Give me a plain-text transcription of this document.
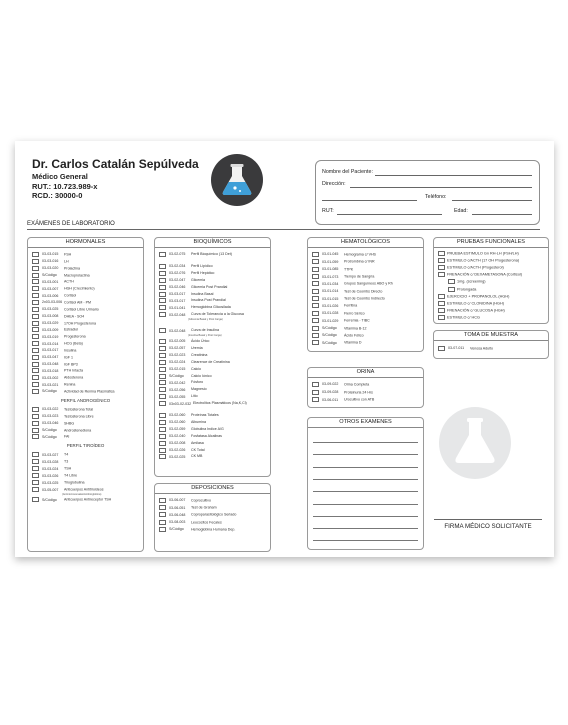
Dr. Carlos Catalán Sepúlveda
Médico General
RUT.: 10.723.989-x
RCD.: 30000-0
Nombre del Paciente:
Dirección:
Teléfono:
RUT:	Edad:
EXÁMENES DE LABORATORIO
HORMONALES
03-03-015 FSH
03-03-016 LH
03-03-020 Prolactina
S/Código Macroprolactina
03-03-001 ACTH
03-03-007 HGH (Crecimiento)
03-03-006 Cortisol
2x03-03-006 Cortisol AM - PM
03-03-025 Cortisol Libre Urinario
03-03-008 DHEA - SO4
03-03-029 17OH Progesterona
03-03-009 Estradiol
03-03-019 Progesterona
03-03-014 HCG (Beta)
03-03-017 Insulina
03-03-047 IGF 1
03-03-048 IGF BP3
03-03-018 PTH Intacta
03-03-002 Aldosterona
03-03-021 Renina
S/Código Actividad de Renina Plasmática
PERFIL ANDROGÉNICO
03-03-022 Testosterona Total
03-03-023 Testosterona Libre
03-03-046 SHBG
S/Código Androstenediona
S/Código FAI
PERFIL TIROÍDEO
03-03-027 T4
03-03-028 T3
03-03-024 TSH
03-03-026 T4 Libre
03-03-025 Tiroglobulina
03-05-007 Anticuerpos Antitiroideos
(Antimicrosomales/Antitiroglobina)
S/Código Anticuerpos Antireceptor TSH
BIOQUÍMICOS
03-02-075 Perfil Bioquímico (13 Det)
03-02-034 Perfil Lipídico
03-02-076 Perfil Hepático
03-02-047 Glicemia
03-02-046 Glicemia Post Prandial
03-03-017 Insulina Basal
03-03-017 Insulina Post Prandial
03-01-041 Hemoglobina Glicosilada
03-02-048 Curva de Tolerancia a la Glucosa
(Glicemia Basal y Post Carga)
03-02-048 Curva de Insulina
(Insulina Basal y Post Carga)
03-02-005 Ácido Úrico
03-02-057 Uremia
03-02-023 Creatinina
03-02-024 Clearence de Creatinina
03-02-015 Calcio
S/Código Calcio Iónico
03-02-042 Fósforo
03-02-056 Magnesio
03-02-055 Litio
03x03-02-032 Electrolitos Plasmáticos (Na,K,Cl)
03-02-060 Proteínas Totales
03-02-060 Albumina
03-02-059 Globulina Indice A/G
03-02-040 Fosfatasa Alcalinas
03-02-008 Amilasa
03-02-026 CK Total
03-02-025 CK MB
DEPOSICIONES
03-06-007 Coprocultivo
03-06-051 Test de Graham
03-06-048 Coproparasitológico Seriado
03-08-003 Leucocitos Fecales
S/Código Hemoglobina Humana Dep.
HEMATOLÓGICOS
03-01-045 Hemograma c/ VHS
03-01-059 Protrombina c/ INR
03-01-085 TTPK
03-01-073 Tiempo de Sangría
03-01-034 Grupos Sanguíneos ABO y Rh
03-01-014 Test de Coombs Directo
03-01-015 Test de Coombs Indirecto
03-01-026 Ferritina
03-01-028 Fierro Sérico
03-01-029 Ferremia - TIBC
S/Código Vitamina B-12
S/Código Ácido Fólico
S/Código Vitamina D
ORINA
03-09-022 Orina Completa
03-09-028 Proteinuria 24 Hrs
03-06-011 Urocultivo con ATB
OTROS EXAMENES
PRUEBAS FUNCIONALES
PRUEBA ESTIMULO Gn RH-LH (FSH/LH)
ESTIMULO c/ACTH (17 OH Progesterona)
ESTIMULO c/ACTH (Progesterol)
FRENACIÓN c/ DEXAMETASONA (Cortisol)
1mg. (screening)
Prolongada
EJERCICIO + PROPANOLOL (HGH)
ESTIMULO c/ CLONIDINA (HGH)
FRENACIÓN c/ GLUCOSA (HGH)
ESTIMULO c/ HCG
TOMA DE MUESTRA
03-07-011 Venosa Adulto
FIRMA MÉDICO SOLICITANTE
